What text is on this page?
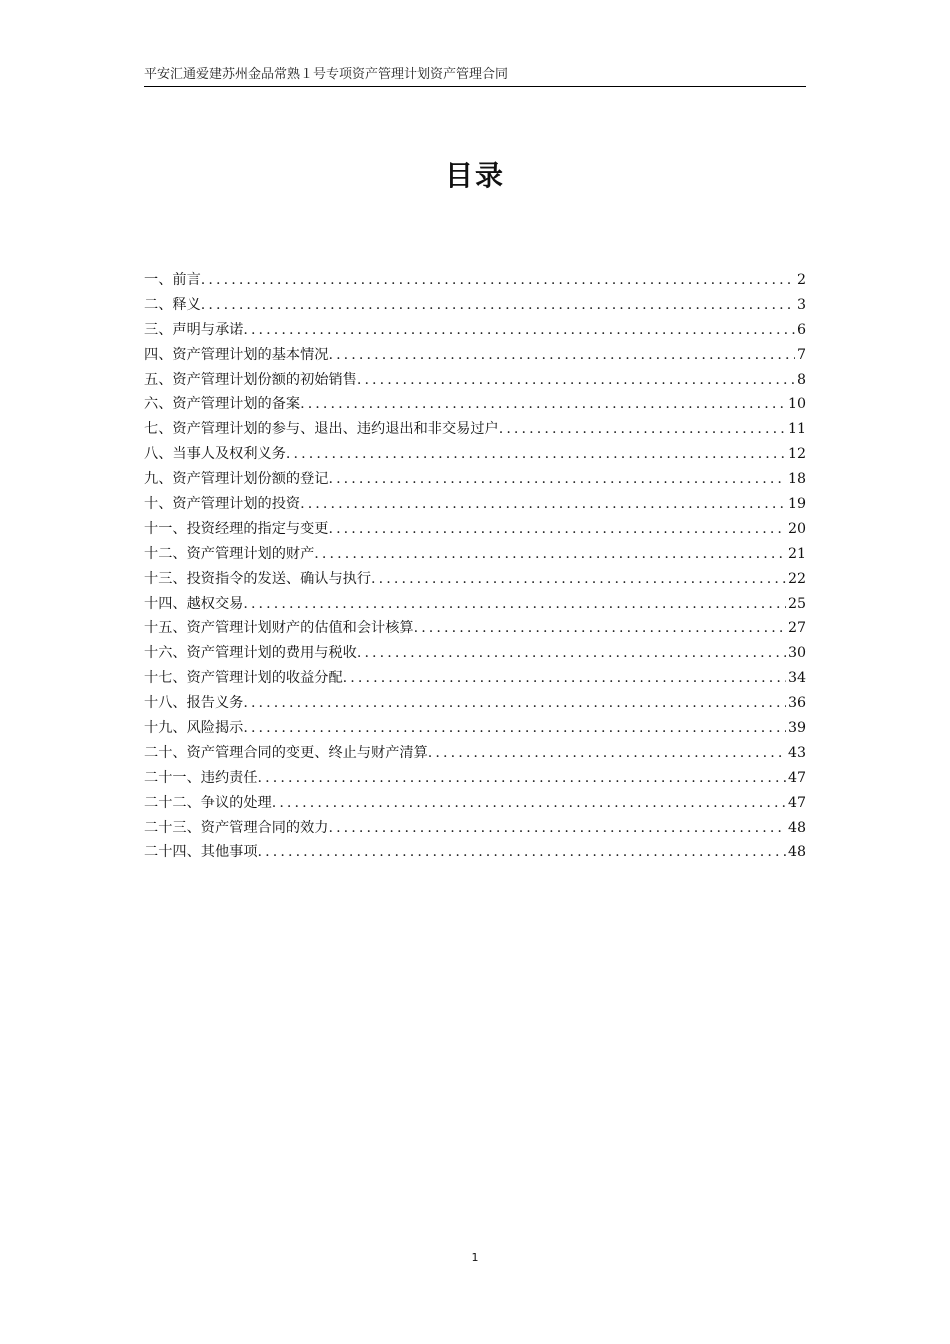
平安汇通爱建苏州金品常熟１号专项资产管理计划资产管理合同
目录
一、前言 .....	2
二、释义 .....	3
三、声明与承诺 .....	6
四、资产管理计划的基本情况 .....	7
五、资产管理计划份额的初始销售 .....	8
六、资产管理计划的备案 .....	10
七、资产管理计划的参与、退出、违约退出和非交易过户 .....	11
八、当事人及权利义务 .....	12
九、资产管理计划份额的登记 .....	18
十、资产管理计划的投资 .....	19
十一、投资经理的指定与变更 .....	20
十二、资产管理计划的财产 .....	21
十三、投资指令的发送、确认与执行 .....	22
十四、越权交易 .....	25
十五、资产管理计划财产的估值和会计核算 .....	27
十六、资产管理计划的费用与税收 .....	30
十七、资产管理计划的收益分配 .....	34
十八、报告义务 .....	36
十九、风险揭示 .....	39
二十、资产管理合同的变更、终止与财产清算 .....	43
二十一、违约责任 .....	47
二十二、争议的处理 .....	47
二十三、资产管理合同的效力 .....	48
二十四、其他事项 .....	48
1
